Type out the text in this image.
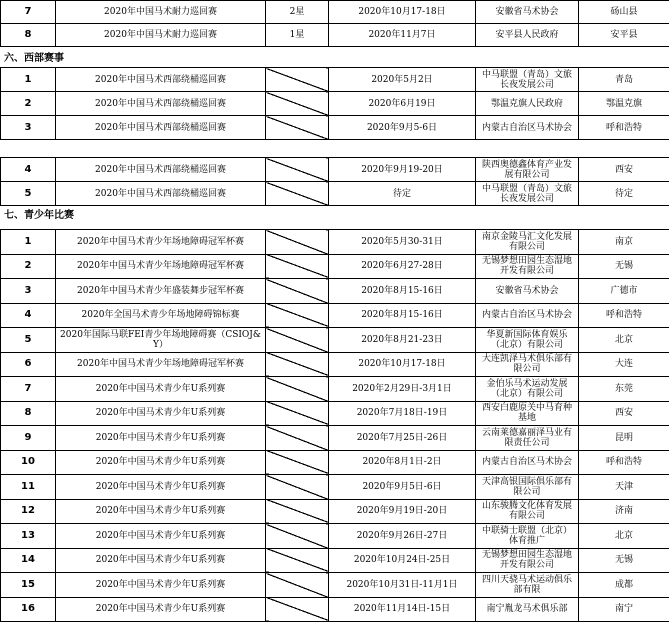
7	2020年中国马术耐力巡回赛	2星	2020年10月17-18日	安徽省马术协会	砀山县
8	2020年中国马术耐力巡回赛	1星	2020年11月7日	安平县人民政府	安平县
六、西部赛事
1	2020年中国马术西部绕桶巡回赛		2020年5月2日	中马联盟（青岛）文旅长夜发展公司	青岛
2	2020年中国马术西部绕桶巡回赛		2020年6月19日	鄂温克旗人民政府	鄂温克旗
3	2020年中国马术西部绕桶巡回赛		2020年9月5-6日	内蒙古自治区马术协会	呼和浩特
4	2020年中国马术西部绕桶巡回赛		2020年9月19-20日	陕西奥德鑫体育产业发展有限公司	西安
5	2020年中国马术西部绕桶巡回赛		待定	中马联盟（青岛）文旅长夜发展公司	待定
七、青少年比赛
1	2020年中国马术青少年场地障碍冠军杯赛		2020年5月30-31日	南京金陵马汇文化发展有限公司	南京
2	2020年中国马术青少年场地障碍冠军杯赛		2020年6月27-28日	无锡梦想田园生态湿地开发有限公司	无锡
3	2020年中国马术青少年盛装舞步冠军杯赛		2020年8月15-16日	安徽省马术协会	广德市
4	2020年全国马术青少年场地障碍锦标赛		2020年8月15-16日	内蒙古自治区马术协会	呼和浩特
5	2020年国际马联FEI青少年场地障碍赛（CSIOJ&Y）		2020年8月21-23日	华夏新国际体育娱乐（北京）有限公司	北京
6	2020年中国马术青少年场地障碍冠军杯赛		2020年10月17-18日	大连凯泽马术俱乐部有限公司	大连
7	2020年中国马术青少年U系列赛		2020年2月29日-3月1日	金伯乐马术运动发展（北京）有限公司	东莞
8	2020年中国马术青少年U系列赛		2020年7月18日-19日	西安白鹿原关中马育种基地	西安
9	2020年中国马术青少年U系列赛		2020年7月25日-26日	云南莱德嘉丽泽马业有限责任公司	昆明
10	2020年中国马术青少年U系列赛		2020年8月1日-2日	内蒙古自治区马术协会	呼和浩特
11	2020年中国马术青少年U系列赛		2020年9月5日-6日	天津高银国际俱乐部有限公司	天津
12	2020年中国马术青少年U系列赛		2020年9月19日-20日	山东骏腾文化体育发展有限公司	济南
13	2020年中国马术青少年U系列赛		2020年9月26日-27日	中联骑士联盟（北京）体育推广	北京
14	2020年中国马术青少年U系列赛		2020年10月24日-25日	无锡梦想田园生态湿地开发有限公司	无锡
15	2020年中国马术青少年U系列赛		2020年10月31日-11月1日	四川天骁马术运动俱乐部有限	成都
16	2020年中国马术青少年U系列赛		2020年11月14日-15日	南宁胤龙马术俱乐部	南宁
